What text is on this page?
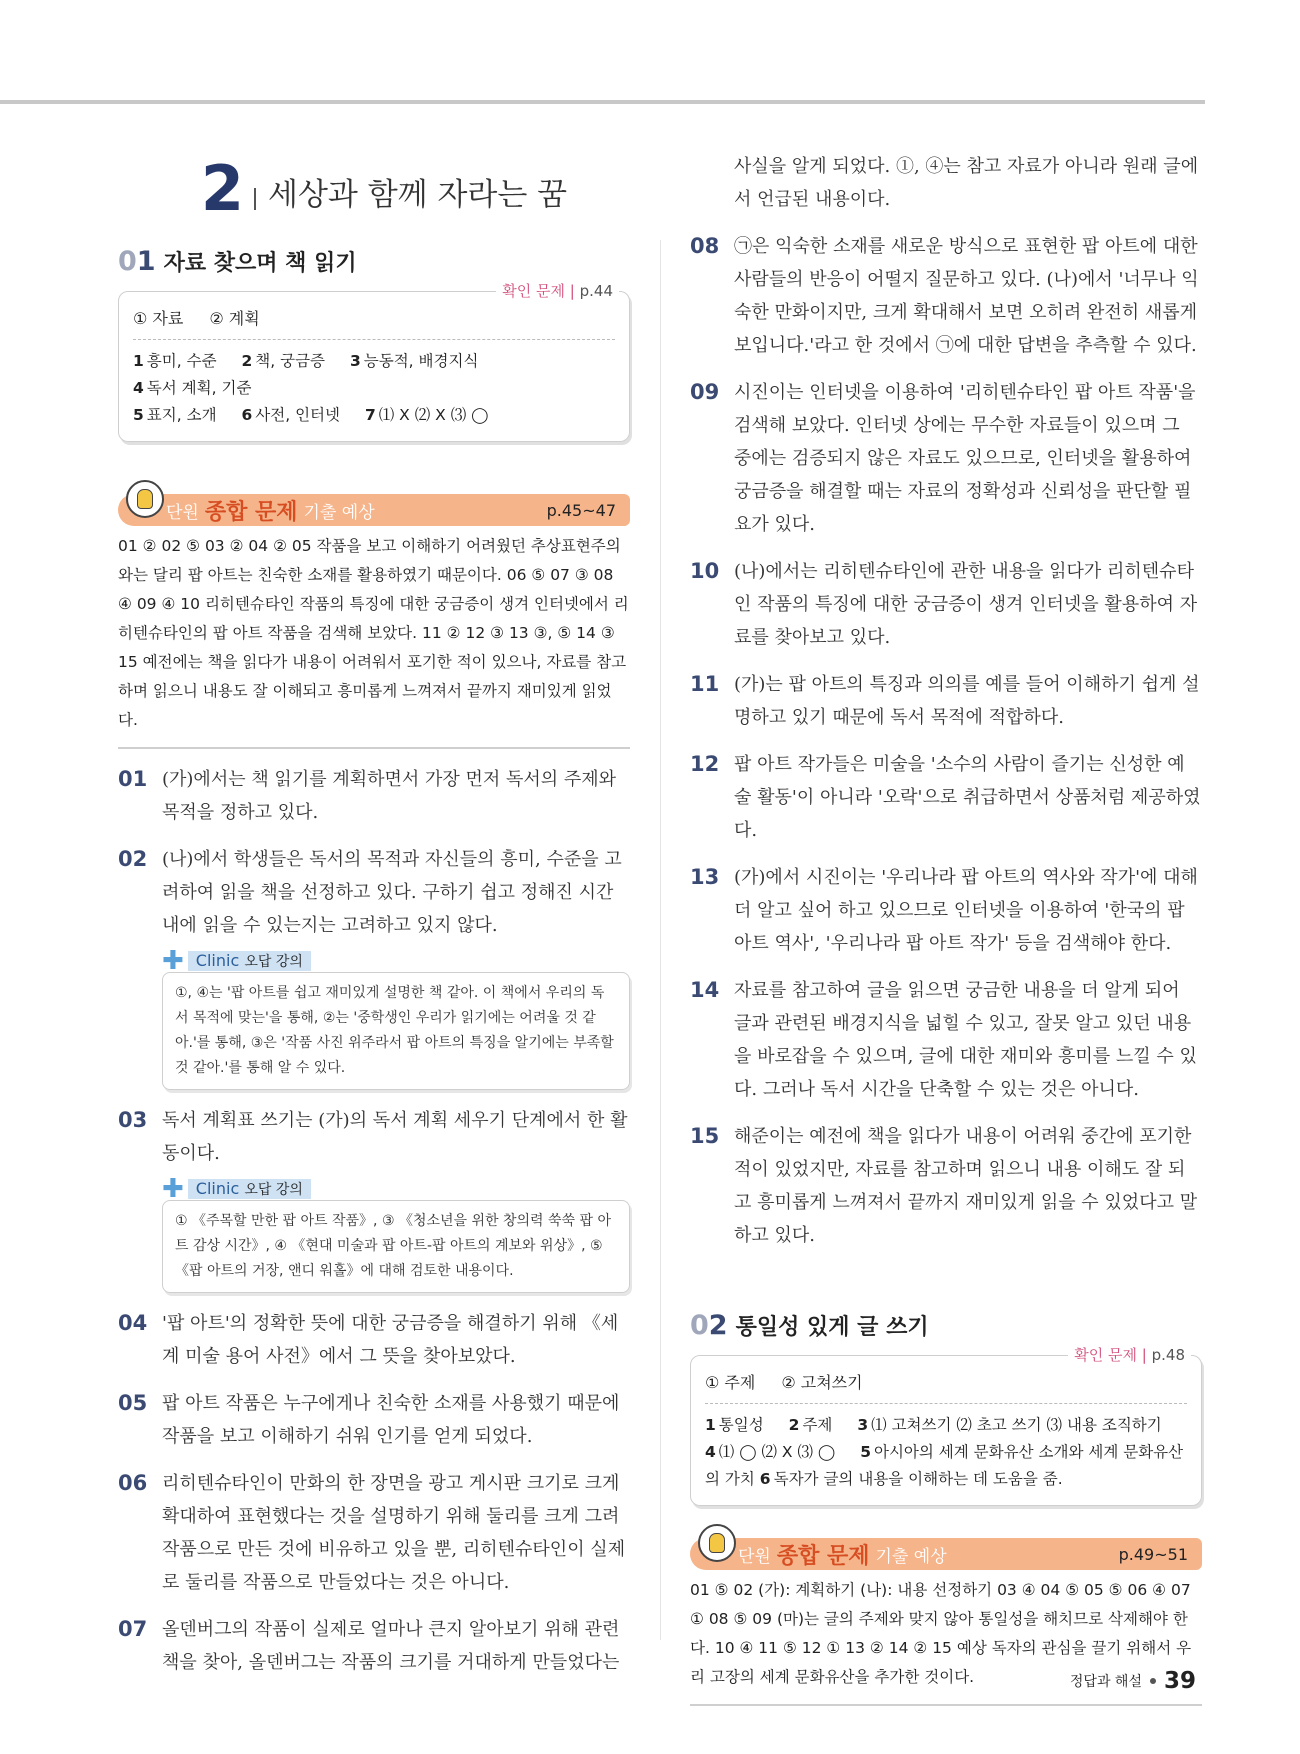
2 세상과 함께 자라는 꿈
01 자료 찾으며 책 읽기
확인 문제 | p.44
① 자료 ② 계획
1 흥미, 수준 2 책, 궁금증 3 능동적, 배경지식 4 독서 계획, 기준
5 표지, 소개 6 사전, 인터넷 7 ⑴ X ⑵ X ⑶ ◯
단원 종합 문제 기출 예상	p.45~47
01 ② 02 ⑤ 03 ② 04 ② 05 작품을 보고 이해하기 어려웠던 추상표현주의와는 달리 팝 아트는 친숙한 소재를 활용하였기 때문이다. 06 ⑤ 07 ③ 08 ④ 09 ④ 10 리히텐슈타인 작품의 특징에 대한 궁금증이 생겨 인터넷에서 리히텐슈타인의 팝 아트 작품을 검색해 보았다. 11 ② 12 ③ 13 ③, ⑤ 14 ③ 15 예전에는 책을 읽다가 내용이 어려워서 포기한 적이 있으나, 자료를 참고하며 읽으니 내용도 잘 이해되고 흥미롭게 느껴져서 끝까지 재미있게 읽었다.
01 (가)에서는 책 읽기를 계획하면서 가장 먼저 독서의 주제와 목적을 정하고 있다.
02 (나)에서 학생들은 독서의 목적과 자신들의 흥미, 수준을 고려하여 읽을 책을 선정하고 있다. 구하기 쉽고 정해진 시간 내에 읽을 수 있는지는 고려하고 있지 않다.
✚ Clinic 오답 강의
①, ④는 '팝 아트를 쉽고 재미있게 설명한 책 같아. 이 책에서 우리의 독서 목적에 맞는'을 통해, ②는 '중학생인 우리가 읽기에는 어려울 것 같아.'를 통해, ③은 '작품 사진 위주라서 팝 아트의 특징을 알기에는 부족할 것 같아.'를 통해 알 수 있다.
03 독서 계획표 쓰기는 (가)의 독서 계획 세우기 단계에서 한 활동이다.
✚ Clinic 오답 강의
① 《주목할 만한 팝 아트 작품》, ③ 《청소년을 위한 창의력 쑥쑥 팝 아트 감상 시간》, ④ 《현대 미술과 팝 아트-팝 아트의 계보와 위상》, ⑤ 《팝 아트의 거장, 앤디 워홀》에 대해 검토한 내용이다.
04 '팝 아트'의 정확한 뜻에 대한 궁금증을 해결하기 위해 《세계 미술 용어 사전》에서 그 뜻을 찾아보았다.
05 팝 아트 작품은 누구에게나 친숙한 소재를 사용했기 때문에 작품을 보고 이해하기 쉬워 인기를 얻게 되었다.
06 리히텐슈타인이 만화의 한 장면을 광고 게시판 크기로 크게 확대하여 표현했다는 것을 설명하기 위해 둘리를 크게 그려 작품으로 만든 것에 비유하고 있을 뿐, 리히텐슈타인이 실제로 둘리를 작품으로 만들었다는 것은 아니다.
07 올덴버그의 작품이 실제로 얼마나 큰지 알아보기 위해 관련 책을 찾아, 올덴버그는 작품의 크기를 거대하게 만들었다는
사실을 알게 되었다. ①, ④는 참고 자료가 아니라 원래 글에서 언급된 내용이다.
08 ㉠은 익숙한 소재를 새로운 방식으로 표현한 팝 아트에 대한 사람들의 반응이 어떨지 질문하고 있다. (나)에서 '너무나 익숙한 만화이지만, 크게 확대해서 보면 오히려 완전히 새롭게 보입니다.'라고 한 것에서 ㉠에 대한 답변을 추측할 수 있다.
09 시진이는 인터넷을 이용하여 '리히텐슈타인 팝 아트 작품'을 검색해 보았다. 인터넷 상에는 무수한 자료들이 있으며 그 중에는 검증되지 않은 자료도 있으므로, 인터넷을 활용하여 궁금증을 해결할 때는 자료의 정확성과 신뢰성을 판단할 필요가 있다.
10 (나)에서는 리히텐슈타인에 관한 내용을 읽다가 리히텐슈타인 작품의 특징에 대한 궁금증이 생겨 인터넷을 활용하여 자료를 찾아보고 있다.
11 (가)는 팝 아트의 특징과 의의를 예를 들어 이해하기 쉽게 설명하고 있기 때문에 독서 목적에 적합하다.
12 팝 아트 작가들은 미술을 '소수의 사람이 즐기는 신성한 예술 활동'이 아니라 '오락'으로 취급하면서 상품처럼 제공하였다.
13 (가)에서 시진이는 '우리나라 팝 아트의 역사와 작가'에 대해 더 알고 싶어 하고 있으므로 인터넷을 이용하여 '한국의 팝 아트 역사', '우리나라 팝 아트 작가' 등을 검색해야 한다.
14 자료를 참고하여 글을 읽으면 궁금한 내용을 더 알게 되어 글과 관련된 배경지식을 넓힐 수 있고, 잘못 알고 있던 내용을 바로잡을 수 있으며, 글에 대한 재미와 흥미를 느낄 수 있다. 그러나 독서 시간을 단축할 수 있는 것은 아니다.
15 해준이는 예전에 책을 읽다가 내용이 어려워 중간에 포기한 적이 있었지만, 자료를 참고하며 읽으니 내용 이해도 잘 되고 흥미롭게 느껴져서 끝까지 재미있게 읽을 수 있었다고 말하고 있다.
02 통일성 있게 글 쓰기
확인 문제 | p.48
① 주제 ② 고쳐쓰기
1 통일성 2 주제 3 ⑴ 고쳐쓰기 ⑵ 초고 쓰기 ⑶ 내용 조직하기
4 ⑴ ◯ ⑵ X ⑶ ◯ 5 아시아의 세계 문화유산 소개와 세계 문화유산의 가치 6 독자가 글의 내용을 이해하는 데 도움을 줌.
단원 종합 문제 기출 예상	p.49~51
01 ⑤ 02 (가): 계획하기 (나): 내용 선정하기 03 ④ 04 ⑤ 05 ⑤ 06 ④ 07 ① 08 ⑤ 09 (마)는 글의 주제와 맞지 않아 통일성을 해치므로 삭제해야 한다. 10 ④ 11 ⑤ 12 ① 13 ② 14 ② 15 예상 독자의 관심을 끌기 위해서 우리 고장의 세계 문화유산을 추가한 것이다.	정답과 해설 39
